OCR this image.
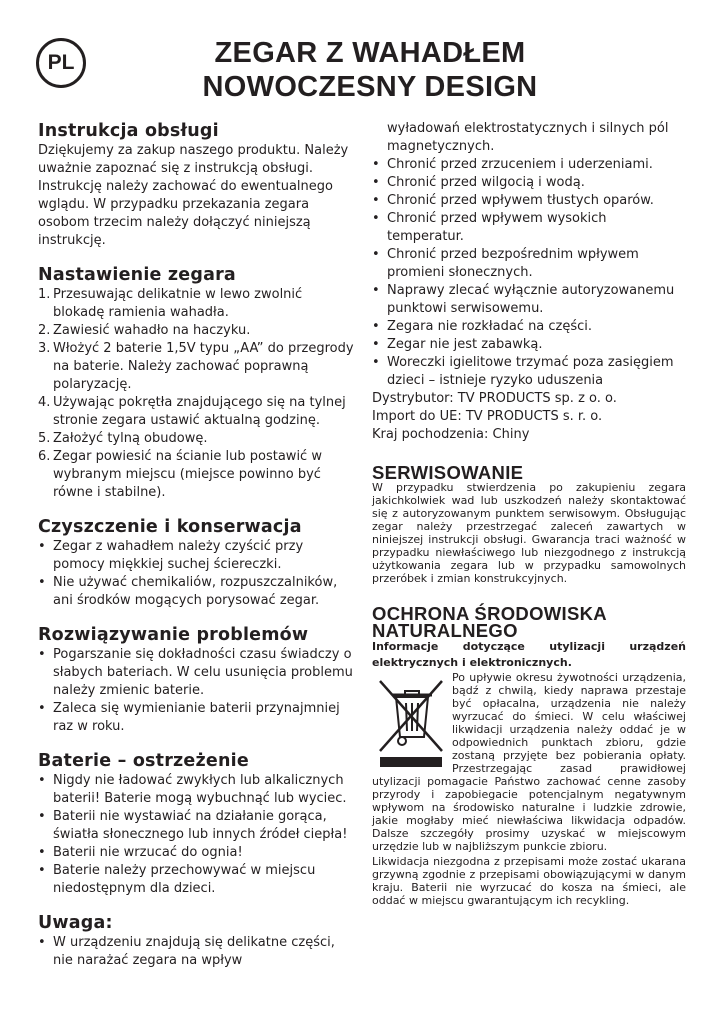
PL	ZEGAR Z WAHADŁEM
NOWOCZESNY DESIGN
Instrukcja obsługi

Dziękujemy za zakup naszego produktu. Należy uważnie zapoznać się z instrukcją obsługi. Instrukcję należy zachować do ewentualnego wglądu. W przypadku przekazania zegara osobom trzecim należy dołączyć niniejszą instrukcję.

Nastawienie zegara
1. Przesuwając delikatnie w lewo zwolnić blokadę ramienia wahadła.
2. Zawiesić wahadło na haczyku.
3. Włożyć 2 baterie 1,5V typu „AA” do przegrody na baterie. Należy zachować poprawną polaryzację.
4. Używając pokrętła znajdującego się na tylnej stronie zegara ustawić aktualną godzinę.
5. Założyć tylną obudowę.
6. Zegar powiesić na ścianie lub postawić w wybranym miejscu (miejsce powinno być równe i stabilne).
Czyszczenie i konserwacja
• Zegar z wahadłem należy czyścić przy pomocy miękkiej suchej ściereczki.
• Nie używać chemikaliów, rozpuszczalników, ani środków mogących porysować zegar.
Rozwiązywanie problemów
• Pogarszanie się dokładności czasu świadczy o słabych bateriach. W celu usunięcia problemu należy zmienic baterie.
• Zaleca się wymienianie baterii przynajmniej raz w roku.
Baterie – ostrzeżenie
• Nigdy nie ładować zwykłych lub alkalicznych baterii! Baterie mogą wybuchnąć lub wyciec.
• Baterii nie wystawiać na działanie gorąca, światła słonecznego lub innych źródeł ciepła!
• Baterii nie wrzucać do ognia!
• Baterie należy przechowywać w miejscu niedostępnym dla dzieci.
Uwaga:
• W urządzeniu znajdują się delikatne części, nie narażać zegara na wpływ
wyładowań elektrostatycznych i silnych pól magnetycznych.
• Chronić przed zrzuceniem i uderzeniami.
• Chronić przed wilgocią i wodą.
• Chronić przed wpływem tłustych oparów.
• Chronić przed wpływem wysokich temperatur.
• Chronić przed bezpośrednim wpływem promieni słonecznych.
• Naprawy zlecać wyłącznie autoryzowanemu punktowi serwisowemu.
• Zegara nie rozkładać na części.
• Zegar nie jest zabawką.
• Woreczki igielitowe trzymać poza zasięgiem dzieci – istnieje ryzyko uduszenia

Dystrybutor: TV PRODUCTS sp. z o. o.

Import do UE: TV PRODUCTS s. r. o.

Kraj pochodzenia: Chiny

SERWISOWANIE

W przypadku stwierdzenia po zakupieniu zegara jakichkolwiek wad lub uszkodzeń należy skontaktować się z autoryzowanym punktem serwisowym. Obsługując zegar należy przestrzegać zaleceń zawartych w niniejszej instrukcji obsługi. Gwarancja traci ważność w przypadku niewłaściwego lub niezgodnego z instrukcją użytkowania zegara lub w przypadku samowolnych przeróbek i zmian konstrukcyjnych.

OCHRONA ŚRODOWISKA
NATURALNEGO

Informacje dotyczące utylizacji urządzeń elektrycznych i elektronicznych.

Po upływie okresu żywotności urządzenia, bądź z chwilą, kiedy naprawa przestaje być opłacalna, urządzenia nie należy wyrzucać do śmieci. W celu właściwej likwidacji urządzenia należy oddać je w odpowiednich punktach zbioru, gdzie zostaną przyjęte bez pobierania opłaty. Przestrzegając zasad prawidłowej utylizacji pomagacie Państwo zachować cenne zasoby przyrody i zapobiegacie potencjalnym negatywnym wpływom na środowisko naturalne i ludzkie zdrowie, jakie mogłaby mieć niewłaściwa likwidacja odpadów. Dalsze szczegóły prosimy uzyskać w miejscowym urzędzie lub w najbliższym punkcie zbioru.

Likwidacja niezgodna z przepisami może zostać ukarana grzywną zgodnie z przepisami obowiązującymi w danym kraju. Baterii nie wyrzucać do kosza na śmieci, ale oddać w miejscu gwarantującym ich recykling.
